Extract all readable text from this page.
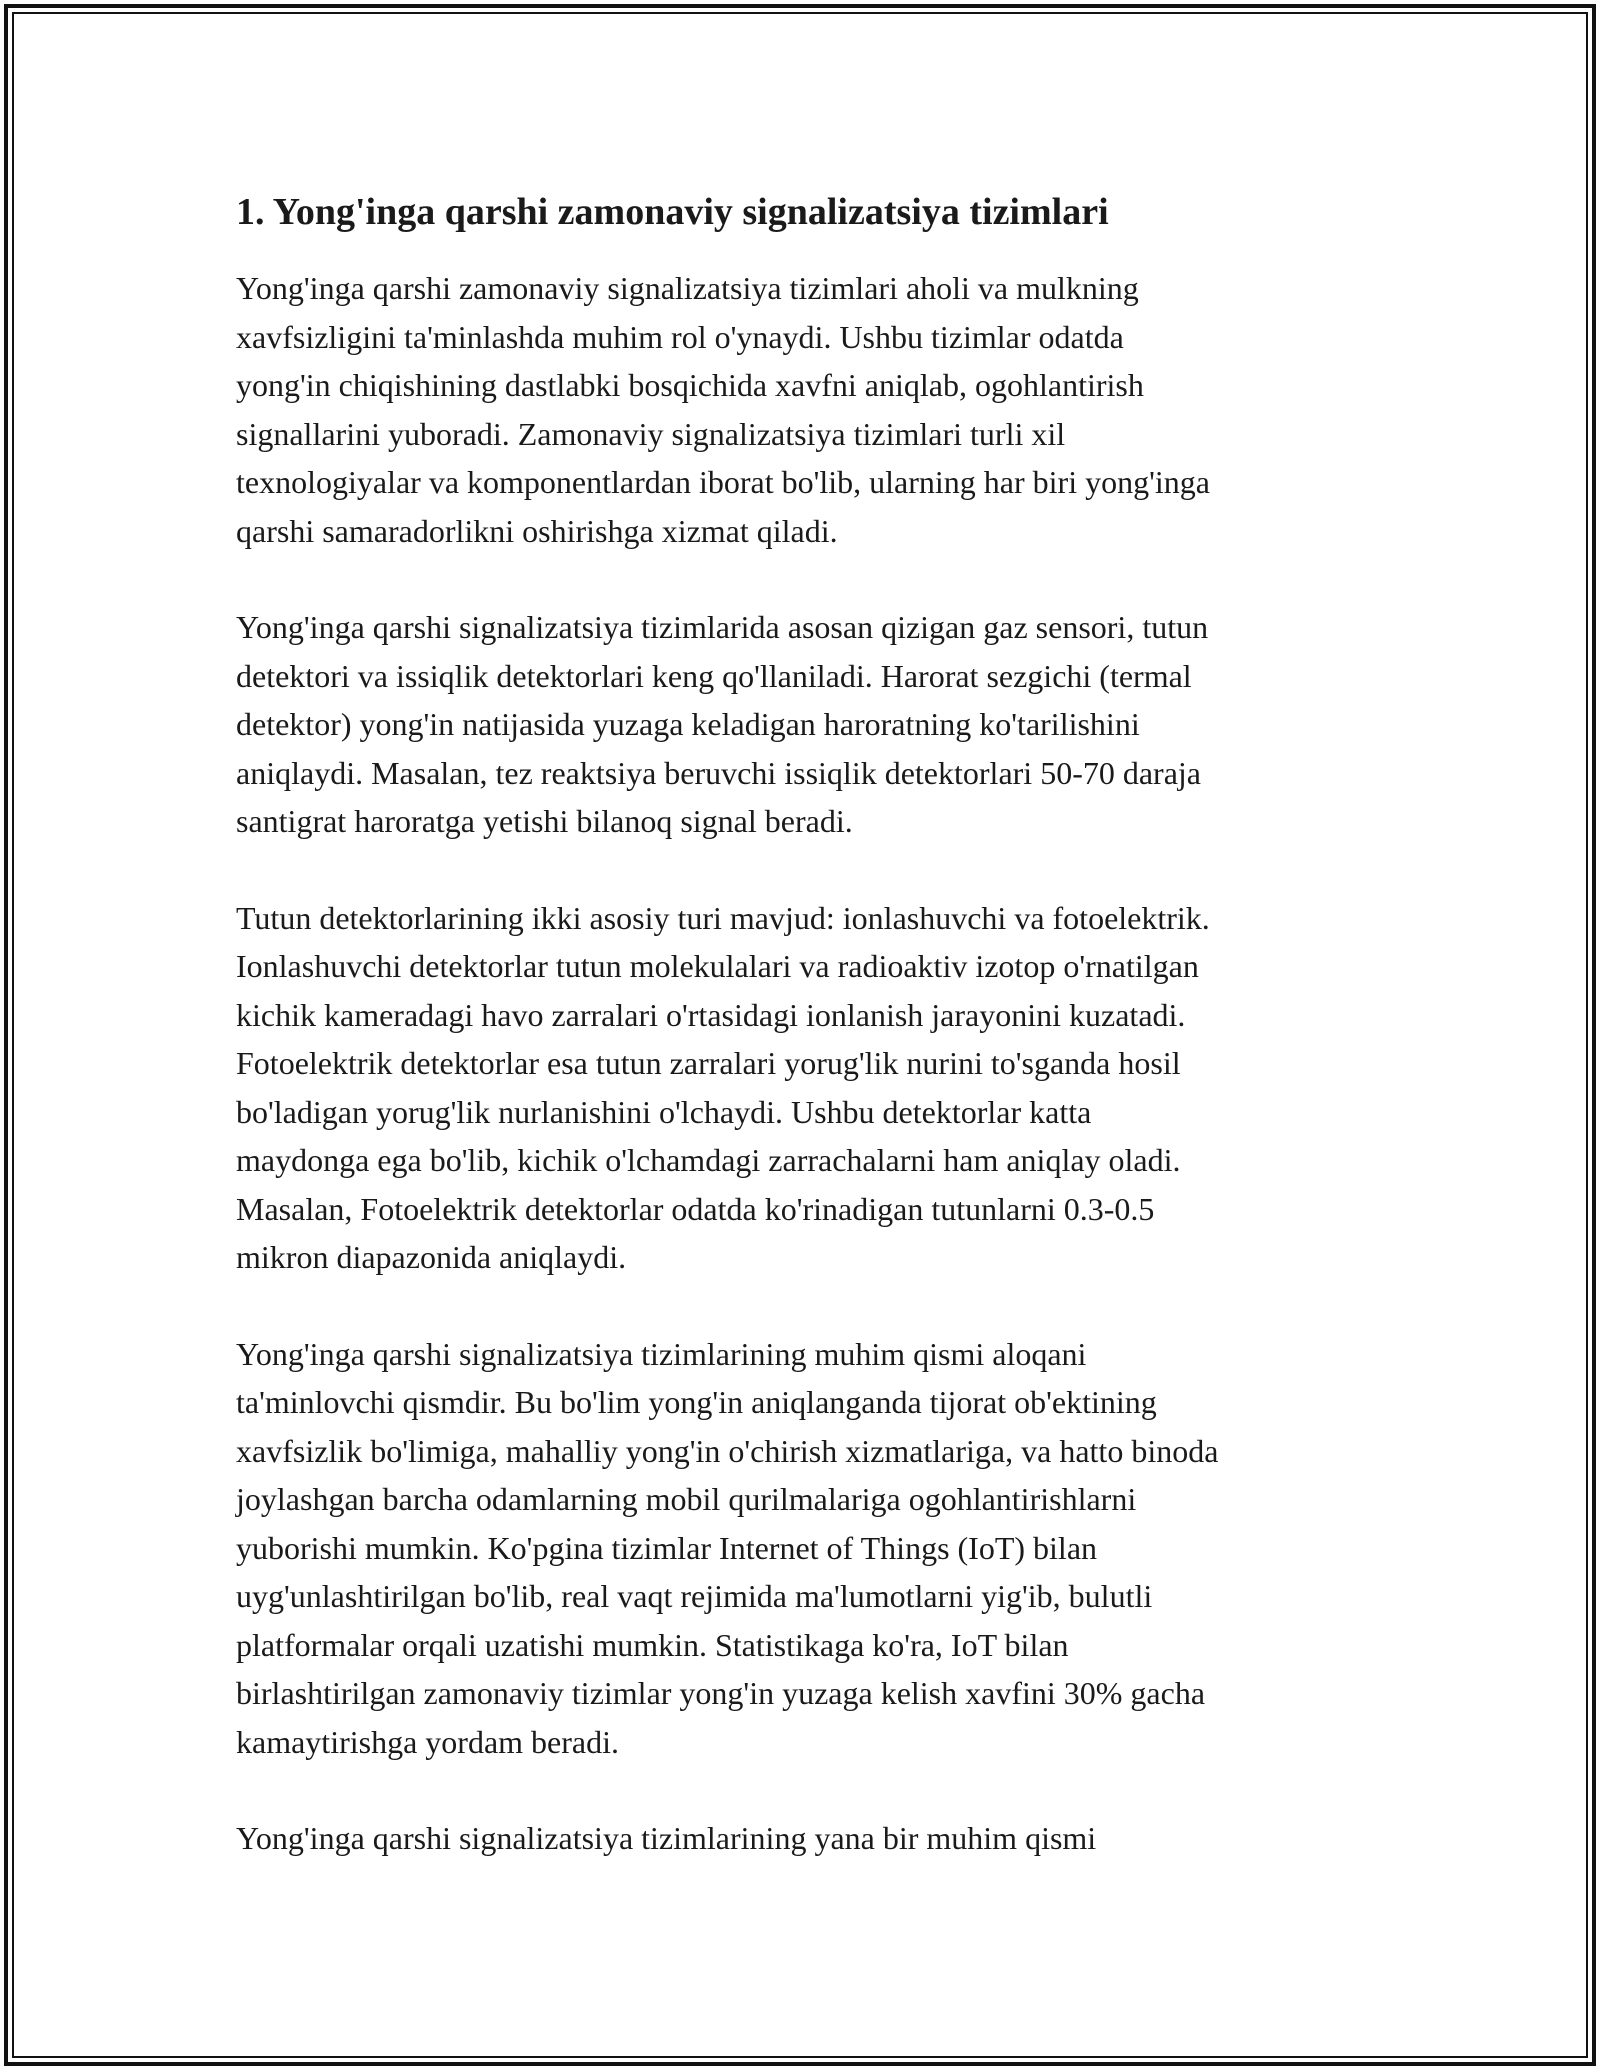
1. Yong'inga qarshi zamonaviy signalizatsiya tizimlari

Yong'inga qarshi zamonaviy signalizatsiya tizimlari aholi va mulkning
xavfsizligini ta'minlashda muhim rol o'ynaydi. Ushbu tizimlar odatda
yong'in chiqishining dastlabki bosqichida xavfni aniqlab, ogohlantirish
signallarini yuboradi. Zamonaviy signalizatsiya tizimlari turli xil
texnologiyalar va komponentlardan iborat bo'lib, ularning har biri yong'inga
qarshi samaradorlikni oshirishga xizmat qiladi.

Yong'inga qarshi signalizatsiya tizimlarida asosan qizigan gaz sensori, tutun
detektori va issiqlik detektorlari keng qo'llaniladi. Harorat sezgichi (termal
detektor) yong'in natijasida yuzaga keladigan haroratning ko'tarilishini
aniqlaydi. Masalan, tez reaktsiya beruvchi issiqlik detektorlari 50-70 daraja
santigrat haroratga yetishi bilanoq signal beradi.

Tutun detektorlarining ikki asosiy turi mavjud: ionlashuvchi va fotoelektrik.
Ionlashuvchi detektorlar tutun molekulalari va radioaktiv izotop o'rnatilgan
kichik kameradagi havo zarralari o'rtasidagi ionlanish jarayonini kuzatadi.
Fotoelektrik detektorlar esa tutun zarralari yorug'lik nurini to'sganda hosil
bo'ladigan yorug'lik nurlanishini o'lchaydi. Ushbu detektorlar katta
maydonga ega bo'lib, kichik o'lchamdagi zarrachalarni ham aniqlay oladi.
Masalan, Fotoelektrik detektorlar odatda ko'rinadigan tutunlarni 0.3-0.5
mikron diapazonida aniqlaydi.

Yong'inga qarshi signalizatsiya tizimlarining muhim qismi aloqani
ta'minlovchi qismdir. Bu bo'lim yong'in aniqlanganda tijorat ob'ektining
xavfsizlik bo'limiga, mahalliy yong'in o'chirish xizmatlariga, va hatto binoda
joylashgan barcha odamlarning mobil qurilmalariga ogohlantirishlarni
yuborishi mumkin. Ko'pgina tizimlar Internet of Things (IoT) bilan
uyg'unlashtirilgan bo'lib, real vaqt rejimida ma'lumotlarni yig'ib, bulutli
platformalar orqali uzatishi mumkin. Statistikaga ko'ra, IoT bilan
birlashtirilgan zamonaviy tizimlar yong'in yuzaga kelish xavfini 30% gacha
kamaytirishga yordam beradi.

Yong'inga qarshi signalizatsiya tizimlarining yana bir muhim qismi
